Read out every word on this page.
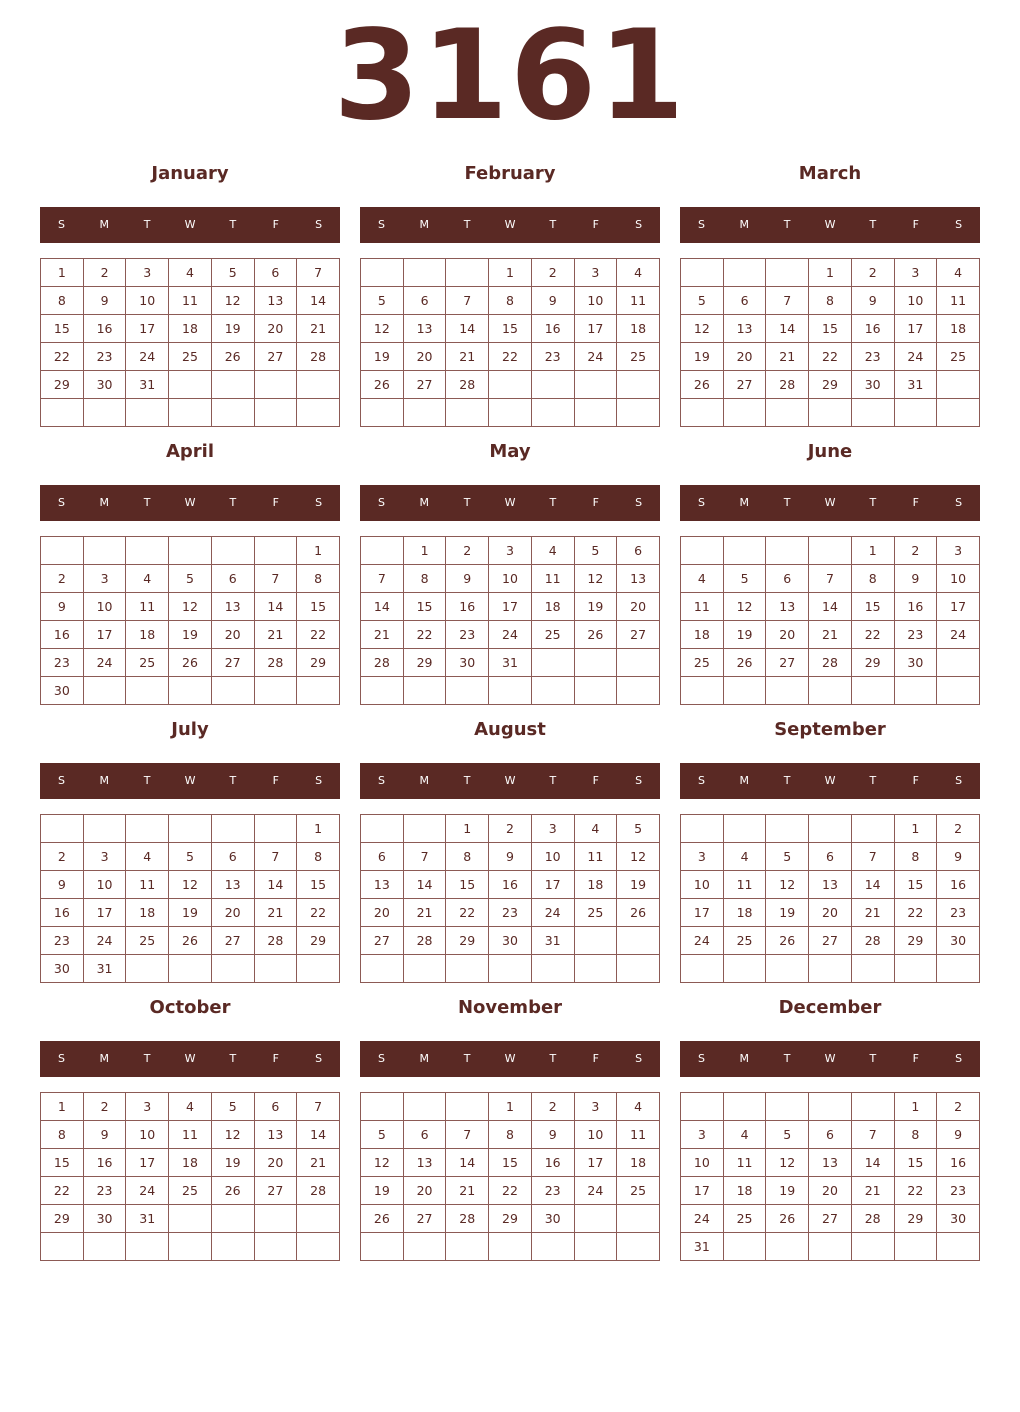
3161
January
S	M	T	W	T	F	S
1	2	3	4	5	6	7
8	9	10	11	12	13	14
15	16	17	18	19	20	21
22	23	24	25	26	27	28
29	30	31				

February
S	M	T	W	T	F	S
			1	2	3	4
5	6	7	8	9	10	11
12	13	14	15	16	17	18
19	20	21	22	23	24	25
26	27	28				

March
S	M	T	W	T	F	S
			1	2	3	4
5	6	7	8	9	10	11
12	13	14	15	16	17	18
19	20	21	22	23	24	25
26	27	28	29	30	31	

April
S	M	T	W	T	F	S
						1
2	3	4	5	6	7	8
9	10	11	12	13	14	15
16	17	18	19	20	21	22
23	24	25	26	27	28	29
30						
May
S	M	T	W	T	F	S
	1	2	3	4	5	6
7	8	9	10	11	12	13
14	15	16	17	18	19	20
21	22	23	24	25	26	27
28	29	30	31			

June
S	M	T	W	T	F	S
				1	2	3
4	5	6	7	8	9	10
11	12	13	14	15	16	17
18	19	20	21	22	23	24
25	26	27	28	29	30	

July
S	M	T	W	T	F	S
						1
2	3	4	5	6	7	8
9	10	11	12	13	14	15
16	17	18	19	20	21	22
23	24	25	26	27	28	29
30	31					
August
S	M	T	W	T	F	S
		1	2	3	4	5
6	7	8	9	10	11	12
13	14	15	16	17	18	19
20	21	22	23	24	25	26
27	28	29	30	31		

September
S	M	T	W	T	F	S
					1	2
3	4	5	6	7	8	9
10	11	12	13	14	15	16
17	18	19	20	21	22	23
24	25	26	27	28	29	30

October
S	M	T	W	T	F	S
1	2	3	4	5	6	7
8	9	10	11	12	13	14
15	16	17	18	19	20	21
22	23	24	25	26	27	28
29	30	31				

November
S	M	T	W	T	F	S
			1	2	3	4
5	6	7	8	9	10	11
12	13	14	15	16	17	18
19	20	21	22	23	24	25
26	27	28	29	30		

December
S	M	T	W	T	F	S
					1	2
3	4	5	6	7	8	9
10	11	12	13	14	15	16
17	18	19	20	21	22	23
24	25	26	27	28	29	30
31						
